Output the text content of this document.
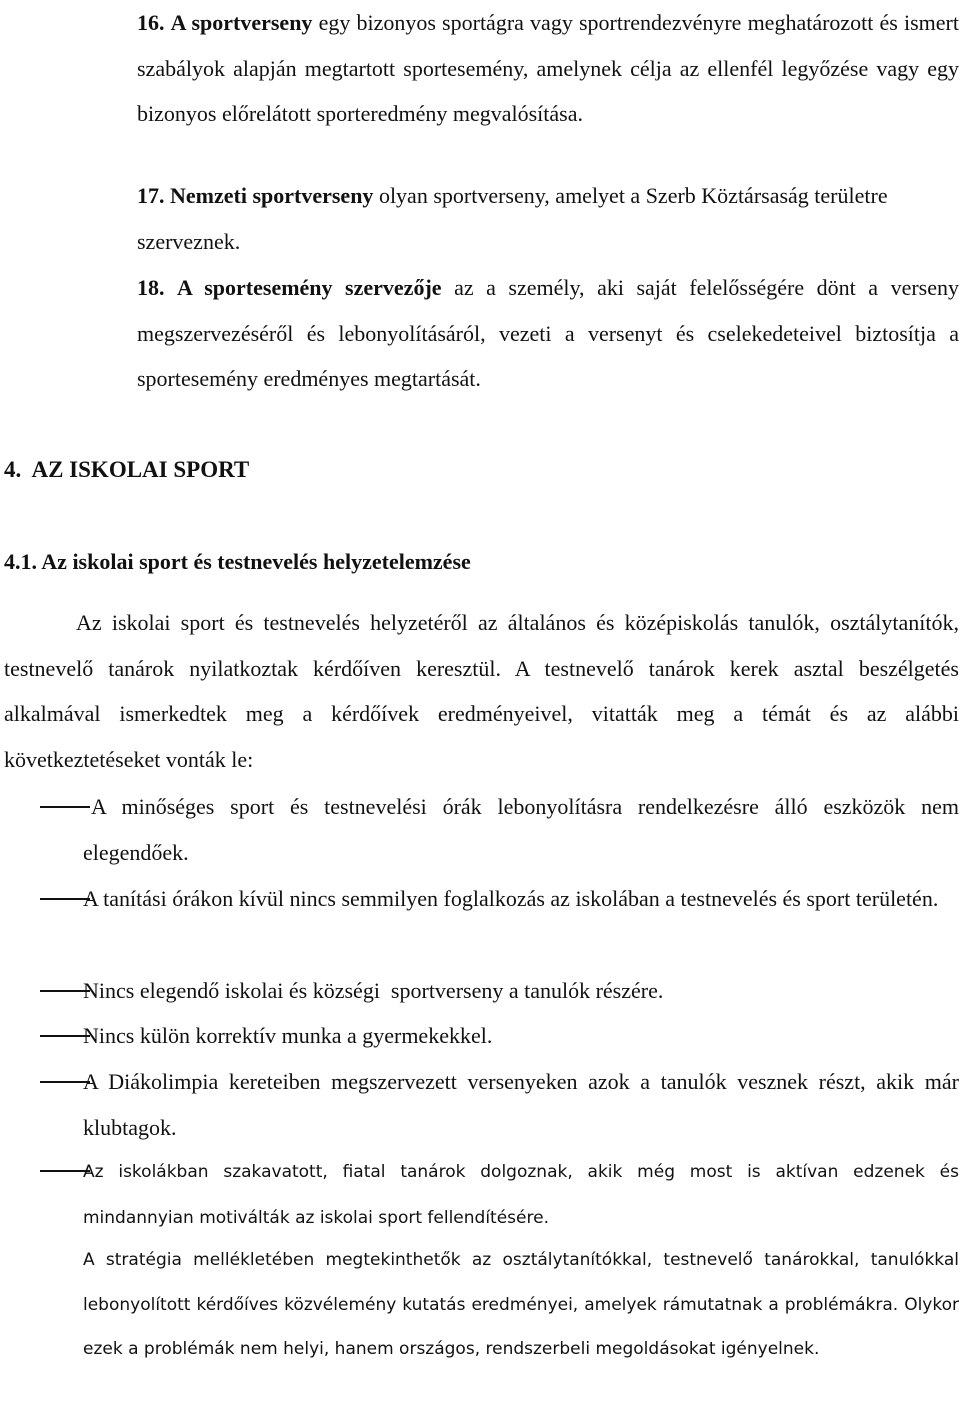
16. A sportverseny egy bizonyos sportágra vagy sportrendezvényre meghatározott és ismert szabályok alapján megtartott sportesemény, amelynek célja az ellenfél legyőzése vagy egy bizonyos előrelátott sporteredmény megvalósítása.

17. Nemzeti sportverseny olyan sportverseny, amelyet a Szerb Köztársaság területre  szerveznek.

18. A sportesemény szervezője az a személy, aki saját felelősségére dönt a verseny megszervezéséről és lebonyolításáról, vezeti a versenyt és cselekedeteivel biztosítja a sportesemény eredményes megtartását.

4. AZ ISKOLAI SPORT
4.1. Az iskolai sport és testnevelés helyzetelemzése

Az iskolai sport és testnevelés helyzetéről az általános és középiskolás tanulók, osztálytanítók, testnevelő tanárok nyilatkoztak kérdőíven keresztül. A testnevelő tanárok kerek asztal beszélgetés alkalmával ismerkedtek meg a kérdőívek eredményeivel, vitatták meg a témát és az alábbi következtetéseket vonták le:

A minőséges sport és testnevelési órák lebonyolításra rendelkezésre álló eszközök nem elegendőek.

A tanítási órákon kívül nincs semmilyen foglalkozás az iskolában a testnevelés és sport területén.

Nincs elegendő iskolai és községi  sportverseny a tanulók részére.

Nincs külön korrektív munka a gyermekekkel.

A Diákolimpia kereteiben megszervezett versenyeken azok a tanulók vesznek részt, akik már klubtagok.

Az iskolákban szakavatott, fiatal tanárok dolgoznak, akik még most is aktívan edzenek és mindannyian motiválták az iskolai sport fellendítésére.

A stratégia mellékletében megtekinthetők az osztálytanítókkal, testnevelő tanárokkal, tanulókkal lebonyolított kérdőíves közvélemény kutatás eredményei, amelyek rámutatnak a problémákra. Olykor ezek a problémák nem helyi, hanem országos, rendszerbeli megoldásokat igényelnek.
